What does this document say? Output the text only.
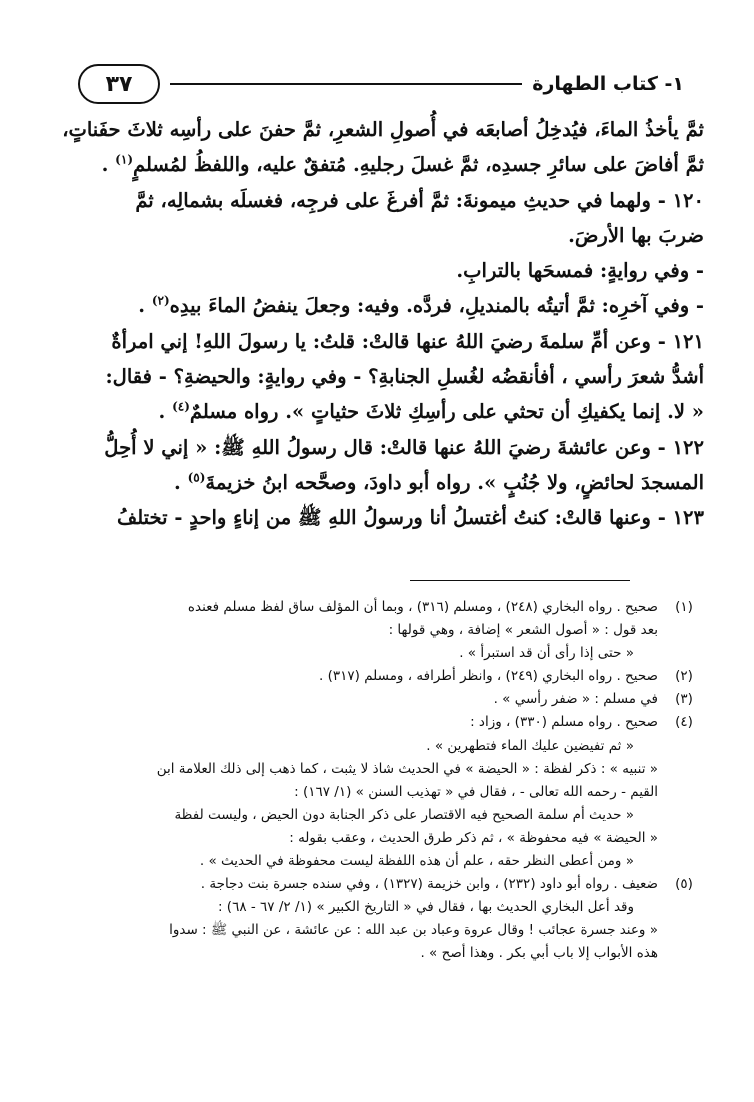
٣٧	١- كتاب الطهارة

ثمَّ يأخذُ الماءَ، فيُدخِلُ أصابعَه في أُصولِ الشعرِ، ثمَّ حفنَ على رأسِه ثلاثَ حفَناتٍ،

ثمَّ أفاضَ على سائرِ جسدِه، ثمَّ غسلَ رجليهِ. مُتفقٌ عليه، واللفظُ لمُسلمٍ$^{(١)}$ .

١٢٠ - ولهما في حديثِ ميمونةَ: ثمَّ أفرغَ على فرجِه، فغسلَه بشمالِه، ثمَّ

ضربَ بها الأرضَ.

- وفي روايةٍ: فمسحَها بالترابِ.

- وفي آخرِه: ثمَّ أتيتُه بالمنديلِ، فردَّه. وفيه: وجعلَ ينفضُ الماءَ بيدِه$^{(٢)}$ .

١٢١ - وعن أمِّ سلمةَ رضيَ اللهُ عنها قالتْ: قلتُ: يا رسولَ اللهِ! إني امرأةٌ

أشدُّ شعرَ رأسي ، أفأنقضُه لغُسلِ الجنابةِ؟ - وفي روايةٍ: والحيضةِ؟ - فقال:

« لا. إنما يكفيكِ أن تحثي على رأسِكِ ثلاثَ حثياتٍ ». رواه مسلمٌ$^{(٤)}$ .

١٢٢ - وعن عائشةَ رضيَ اللهُ عنها قالتْ: قال رسولُ اللهِ ﷺ: « إني لا أُحِلُّ

المسجدَ لحائضٍ، ولا جُنُبٍ ». رواه أبو داودَ، وصحَّحه ابنُ خزيمةَ$^{(٥)}$ .

١٢٣ - وعنها قالتْ: كنتُ أغتسلُ أنا ورسولُ اللهِ ﷺ من إناءٍ واحدٍ - تختلفُ

(١)

صحيح . رواه البخاري (٢٤٨) ، ومسلم (٣١٦) ، وبما أن المؤلف ساق لفظ مسلم فعنده

بعد قول : « أصول الشعر » إضافة ، وهي قولها :

« حتى إذا رأى أن قد استبرأ » .

(٢)

صحيح . رواه البخاري (٢٤٩) ، وانظر أطرافه ، ومسلم (٣١٧) .

(٣)

في مسلم : « ضفر رأسي » .

(٤)

صحيح . رواه مسلم (٣٣٠) ، وزاد :

« ثم تفيضين عليك الماء فتطهرين » .

« تنبيه » : ذكر لفظة : « الحيضة » في الحديث شاذ لا يثبت ، كما ذهب إلى ذلك العلامة ابن

القيم - رحمه الله تعالى - ، فقال في « تهذيب السنن » (١/ ١٦٧) :

« حديث أم سلمة الصحيح فيه الاقتصار على ذكر الجنابة دون الحيض ، وليست لفظة

« الحيضة » فيه محفوظة » ، ثم ذكر طرق الحديث ، وعقب بقوله :

« ومن أعطى النظر حقه ، علم أن هذه اللفظة ليست محفوظة في الحديث » .

(٥)

ضعيف . رواه أبو داود (٢٣٢) ، وابن خزيمة (١٣٢٧) ، وفي سنده جسرة بنت دجاجة .

وقد أعل البخاري الحديث بها ، فقال في « التاريخ الكبير » (١/ ٢/ ٦٧ - ٦٨) :

« وعند جسرة عجائب ! وقال عروة وعباد بن عبد الله : عن عائشة ، عن النبي ﷺ : سدوا

هذه الأبواب إلا باب أبي بكر . وهذا أصح » .
